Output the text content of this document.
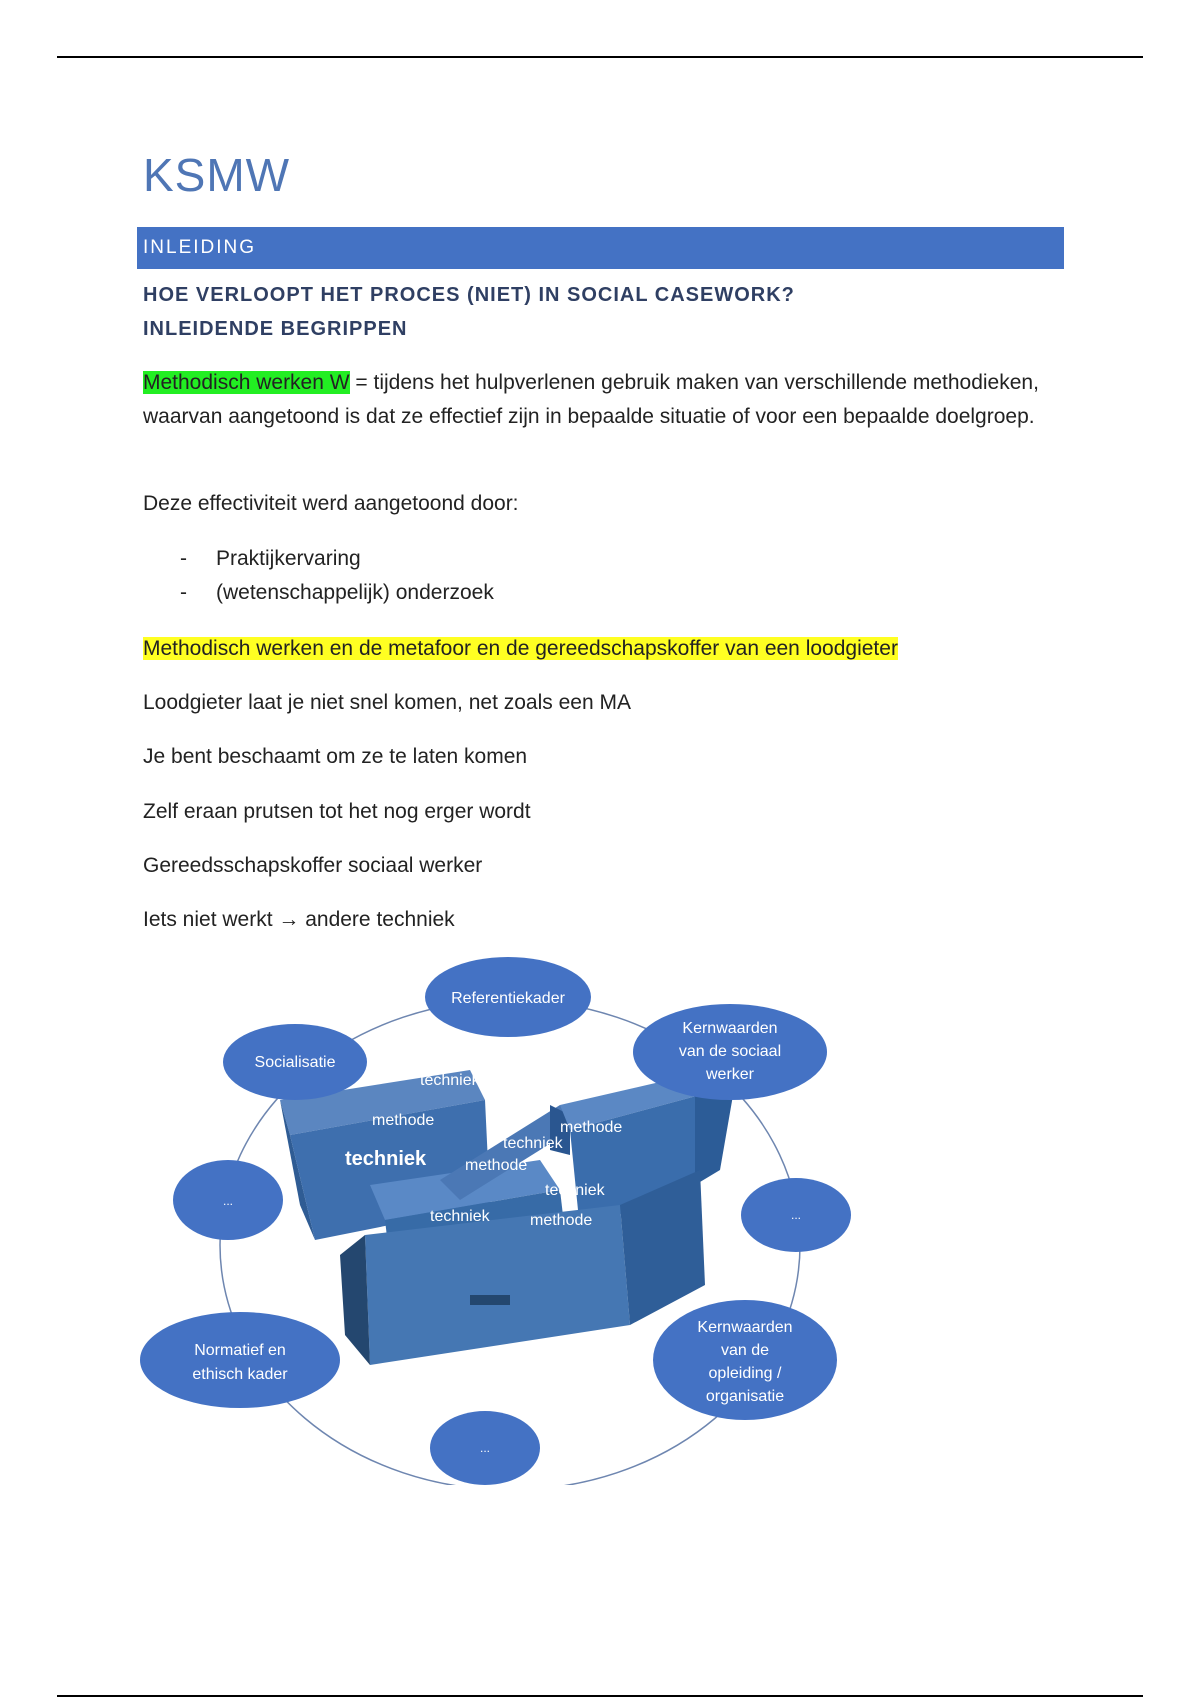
KSMW
INLEIDING
HOE VERLOOPT HET PROCES (NIET) IN SOCIAL CASEWORK?
INLEIDENDE BEGRIPPEN
Methodisch werken W = tijdens het hulpverlenen gebruik maken van verschillende methodieken, waarvan aangetoond is dat ze effectief zijn in bepaalde situatie of voor een bepaalde doelgroep.
Deze effectiviteit werd aangetoond door:
-	Praktijkervaring
-	(wetenschappelijk) onderzoek
Methodisch werken en de metafoor en de gereedschapskoffer van een loodgieter
Loodgieter laat je niet snel komen, net zoals een MA
Je bent beschaamt om ze te laten komen
Zelf eraan prutsen tot het nog erger wordt
Gereedsschapskoffer sociaal werker
Iets niet werkt → andere techniek
techniek
methode
techniek
techniek
methode
methode
techniek
techniek	methode
Referentiekader
Socialisatie
Kernwaarden
van de sociaal
werker
...
...
Normatief en
ethisch kader
Kernwaarden
van de
opleiding /
organisatie
...
